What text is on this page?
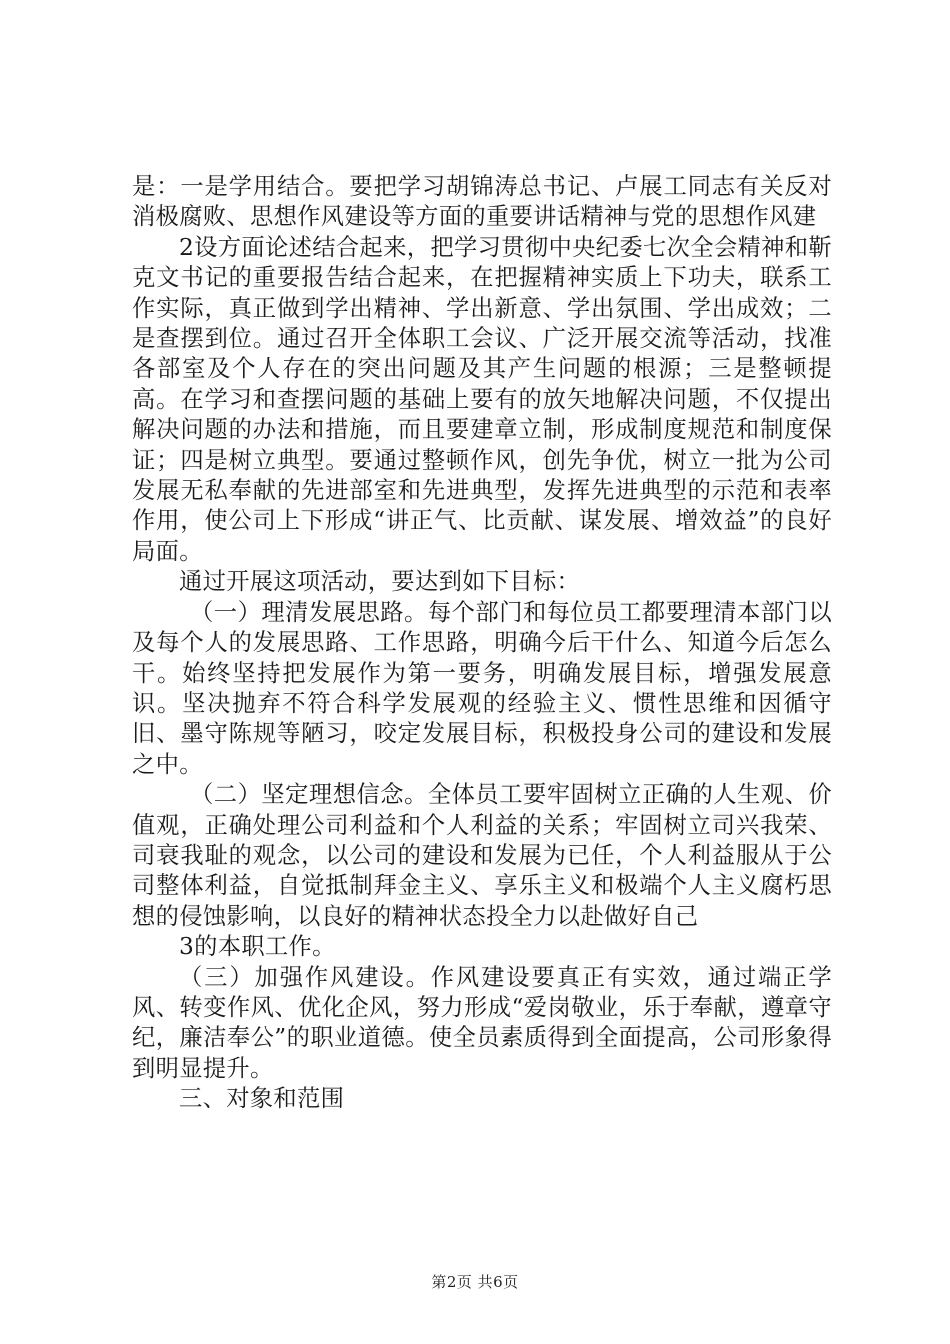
是：一是学用结合。要把学习胡锦涛总书记、卢展工同志有关反对消极腐败、思想作风建设等方面的重要讲话精神与党的思想作风建

2设方面论述结合起来，把学习贯彻中央纪委七次全会精神和靳克文书记的重要报告结合起来，在把握精神实质上下功夫，联系工作实际，真正做到学出精神、学出新意、学出氛围、学出成效；二是查摆到位。通过召开全体职工会议、广泛开展交流等活动，找准各部室及个人存在的突出问题及其产生问题的根源；三是整顿提高。在学习和查摆问题的基础上要有的放矢地解决问题，不仅提出解决问题的办法和措施，而且要建章立制，形成制度规范和制度保证；四是树立典型。要通过整顿作风，创先争优，树立一批为公司发展无私奉献的先进部室和先进典型，发挥先进典型的示范和表率作用，使公司上下形成“讲正气、比贡献、谋发展、增效益”的良好局面。

通过开展这项活动，要达到如下目标：

（一）理清发展思路。每个部门和每位员工都要理清本部门以及每个人的发展思路、工作思路，明确今后干什么、知道今后怎么干。始终坚持把发展作为第一要务，明确发展目标，增强发展意识。坚决抛弃不符合科学发展观的经验主义、惯性思维和因循守旧、墨守陈规等陋习，咬定发展目标，积极投身公司的建设和发展之中。

（二）坚定理想信念。全体员工要牢固树立正确的人生观、价值观，正确处理公司利益和个人利益的关系；牢固树立司兴我荣、司衰我耻的观念，以公司的建设和发展为已任，个人利益服从于公司整体利益，自觉抵制拜金主义、享乐主义和极端个人主义腐朽思想的侵蚀影响，以良好的精神状态投全力以赴做好自己

3的本职工作。

（三）加强作风建设。作风建设要真正有实效，通过端正学风、转变作风、优化企风，努力形成“爱岗敬业，乐于奉献，遵章守纪，廉洁奉公”的职业道德。使全员素质得到全面提高，公司形象得到明显提升。

三、对象和范围

第2页 共6页
